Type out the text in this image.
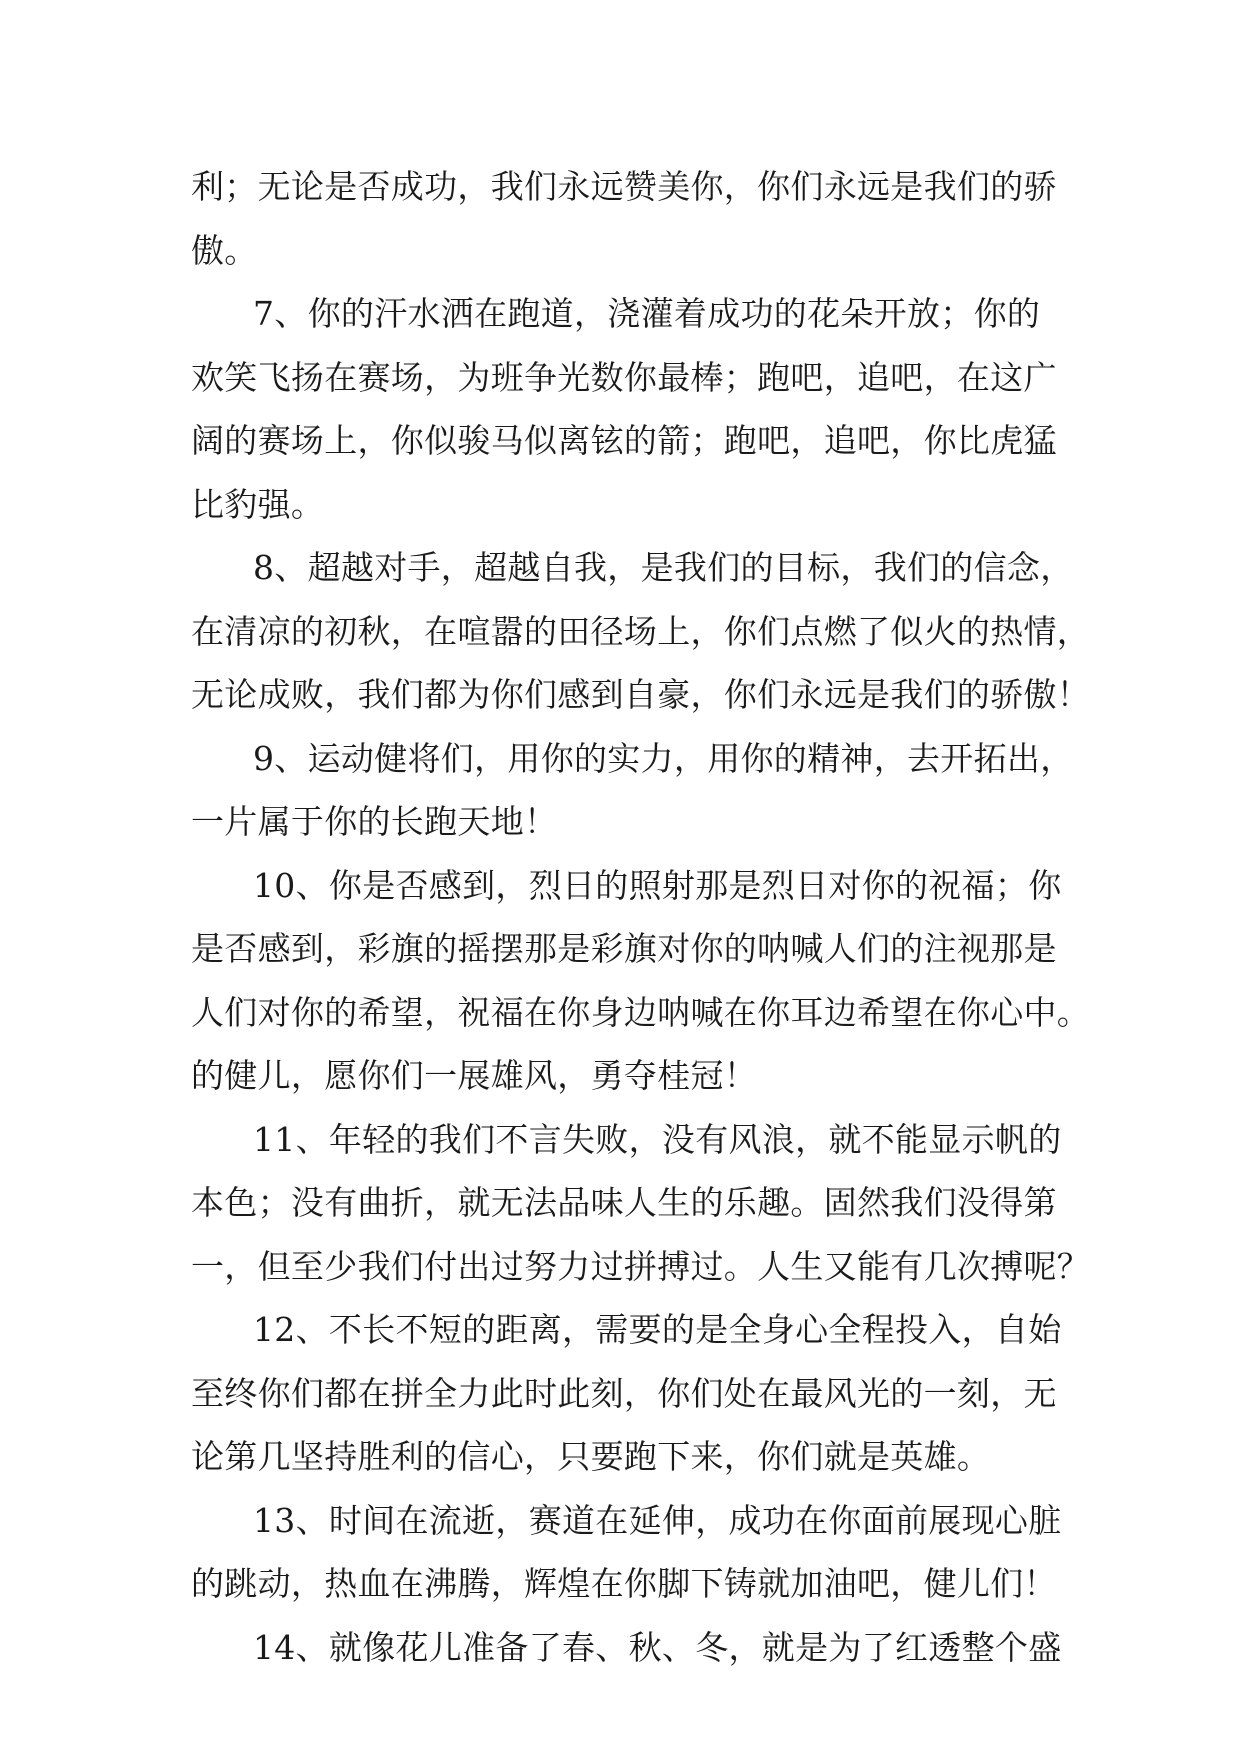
利；无论是否成功，我们永远赞美你，你们永远是我们的骄
傲。
7、你的汗水洒在跑道，浇灌着成功的花朵开放；你的
欢笑飞扬在赛场，为班争光数你最棒；跑吧，追吧，在这广
阔的赛场上，你似骏马似离铉的箭；跑吧，追吧，你比虎猛
比豹强。
8、超越对手，超越自我，是我们的目标，我们的信念，
在清凉的初秋，在喧嚣的田径场上，你们点燃了似火的热情，
无论成败，我们都为你们感到自豪，你们永远是我们的骄傲！
9、运动健将们，用你的实力，用你的精神，去开拓出，
一片属于你的长跑天地！
10、你是否感到，烈日的照射那是烈日对你的祝福；你
是否感到，彩旗的摇摆那是彩旗对你的呐喊人们的注视那是
人们对你的希望，祝福在你身边呐喊在你耳边希望在你心中。
的健儿，愿你们一展雄风，勇夺桂冠！
11、年轻的我们不言失败，没有风浪，就不能显示帆的
本色；没有曲折，就无法品味人生的乐趣。固然我们没得第
一，但至少我们付出过努力过拼搏过。人生又能有几次搏呢？
12、不长不短的距离，需要的是全身心全程投入，自始
至终你们都在拼全力此时此刻，你们处在最风光的一刻，无
论第几坚持胜利的信心，只要跑下来，你们就是英雄。
13、时间在流逝，赛道在延伸，成功在你面前展现心脏
的跳动，热血在沸腾，辉煌在你脚下铸就加油吧，健儿们！
14、就像花儿准备了春、秋、冬，就是为了红透整个盛
